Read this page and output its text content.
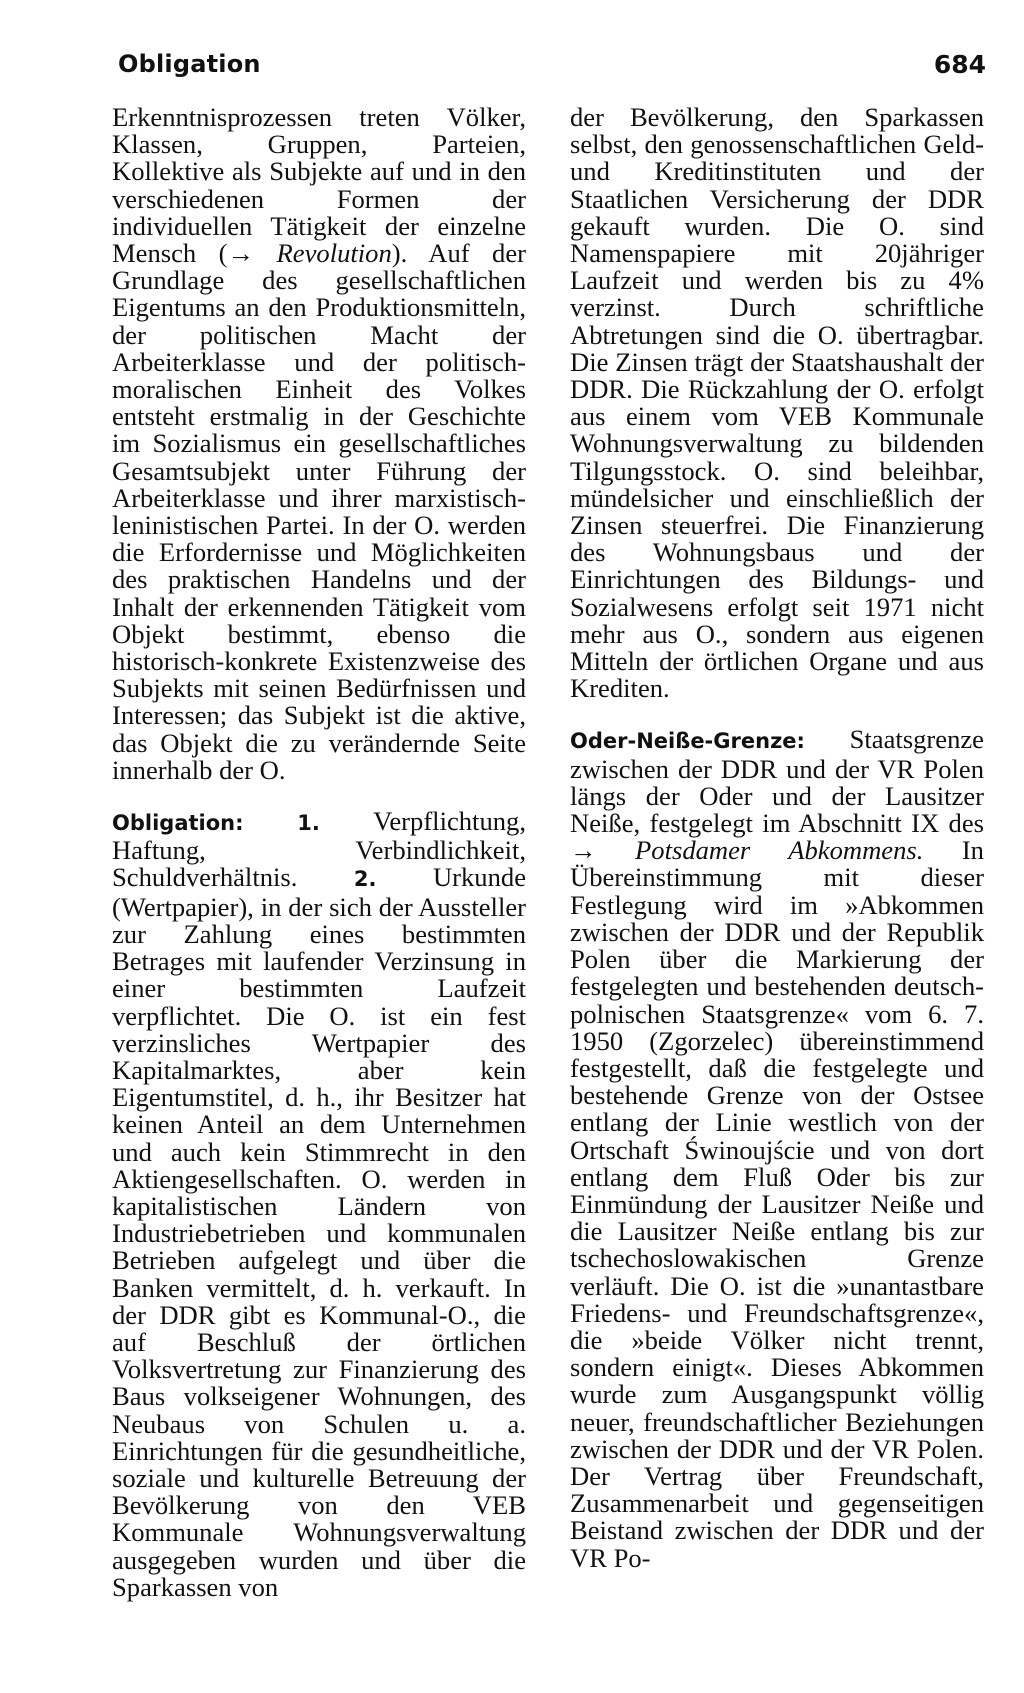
Obligation	684

Erkenntnisprozessen treten Völker, Klassen, Gruppen, Parteien, Kollektive als Subjekte auf und in den verschiedenen Formen der individuellen Tätigkeit der einzelne Mensch (→ Revolution). Auf der Grundlage des gesellschaftlichen Eigentums an den Produktionsmitteln, der politischen Macht der Arbeiterklasse und der politisch-moralischen Einheit des Volkes entsteht erstmalig in der Geschichte im Sozialismus ein gesellschaftliches Gesamtsubjekt unter Führung der Arbeiterklasse und ihrer marxistisch-leninistischen Partei. In der O. werden die Erfordernisse und Möglichkeiten des praktischen Handelns und der Inhalt der erkennenden Tätigkeit vom Objekt bestimmt, ebenso die historisch-konkrete Existenzweise des Subjekts mit seinen Bedürfnissen und Interessen; das Subjekt ist die aktive, das Objekt die zu verändernde Seite innerhalb der O.

Obligation:	1. Verpflichtung, Haftung, Verbindlichkeit, Schuldverhältnis. 2. Urkunde (Wertpapier), in der sich der Aussteller zur Zahlung eines bestimmten Betrages mit laufender Verzinsung in einer bestimmten Laufzeit verpflichtet. Die O. ist ein fest verzinsliches Wertpapier des Kapitalmarktes, aber kein Eigentumstitel, d. h., ihr Besitzer hat keinen Anteil an dem Unternehmen und auch kein Stimmrecht in den Aktiengesellschaften. O. werden in kapitalistischen Ländern von Industriebetrieben und kommunalen Betrieben aufgelegt und über die Banken vermittelt, d. h. verkauft. In der DDR gibt es Kommunal-O., die auf Beschluß der örtlichen Volksvertretung zur Finanzierung des Baus volkseigener Wohnungen, des Neubaus von Schulen u. a. Einrichtungen für die gesundheitliche, soziale und kulturelle Betreuung der Bevölkerung von den VEB Kommunale Wohnungsverwaltung ausgegeben wurden und über die Sparkassen von

der Bevölkerung, den Sparkassen selbst, den genossenschaftlichen Geld- und Kreditinstituten und der Staatlichen Versicherung der DDR gekauft wurden. Die O. sind Namenspapiere mit 20jähriger Laufzeit und werden bis zu 4% verzinst. Durch schriftliche Abtretungen sind die O. übertragbar. Die Zinsen trägt der Staatshaushalt der DDR. Die Rückzahlung der O. erfolgt aus einem vom VEB Kommunale Wohnungsverwaltung zu bildenden Tilgungsstock. O. sind beleihbar, mündelsicher und einschließlich der Zinsen steuerfrei. Die Finanzierung des Wohnungsbaus und der Einrichtungen des Bildungs- und Sozialwesens erfolgt seit 1971 nicht mehr aus O., sondern aus eigenen Mitteln der örtlichen Organe und aus Krediten.

Oder-Neiße-Grenze: Staatsgrenze zwischen der DDR und der VR Polen längs der Oder und der Lausitzer Neiße, festgelegt im Abschnitt IX des → Potsdamer Abkommens. In Übereinstimmung mit dieser Festlegung wird im »Abkommen zwischen der DDR und der Republik Polen über die Markierung der festgelegten und bestehenden deutsch-polnischen Staatsgrenze« vom 6. 7. 1950 (Zgorzelec) übereinstimmend festgestellt, daß die festgelegte und bestehende Grenze von der Ostsee entlang der Linie westlich von der Ortschaft Świnoujście und von dort entlang dem Fluß Oder bis zur Einmündung der Lausitzer Neiße und die Lausitzer Neiße entlang bis zur tschechoslowakischen Grenze verläuft. Die O. ist die »unantastbare Friedens- und Freundschaftsgrenze«, die »beide Völker nicht trennt, sondern einigt«. Dieses Abkommen wurde zum Ausgangspunkt völlig neuer, freundschaftlicher Beziehungen zwischen der DDR und der VR Polen. Der Vertrag über Freundschaft, Zusammenarbeit und gegenseitigen Beistand zwischen der DDR und der VR Po-
